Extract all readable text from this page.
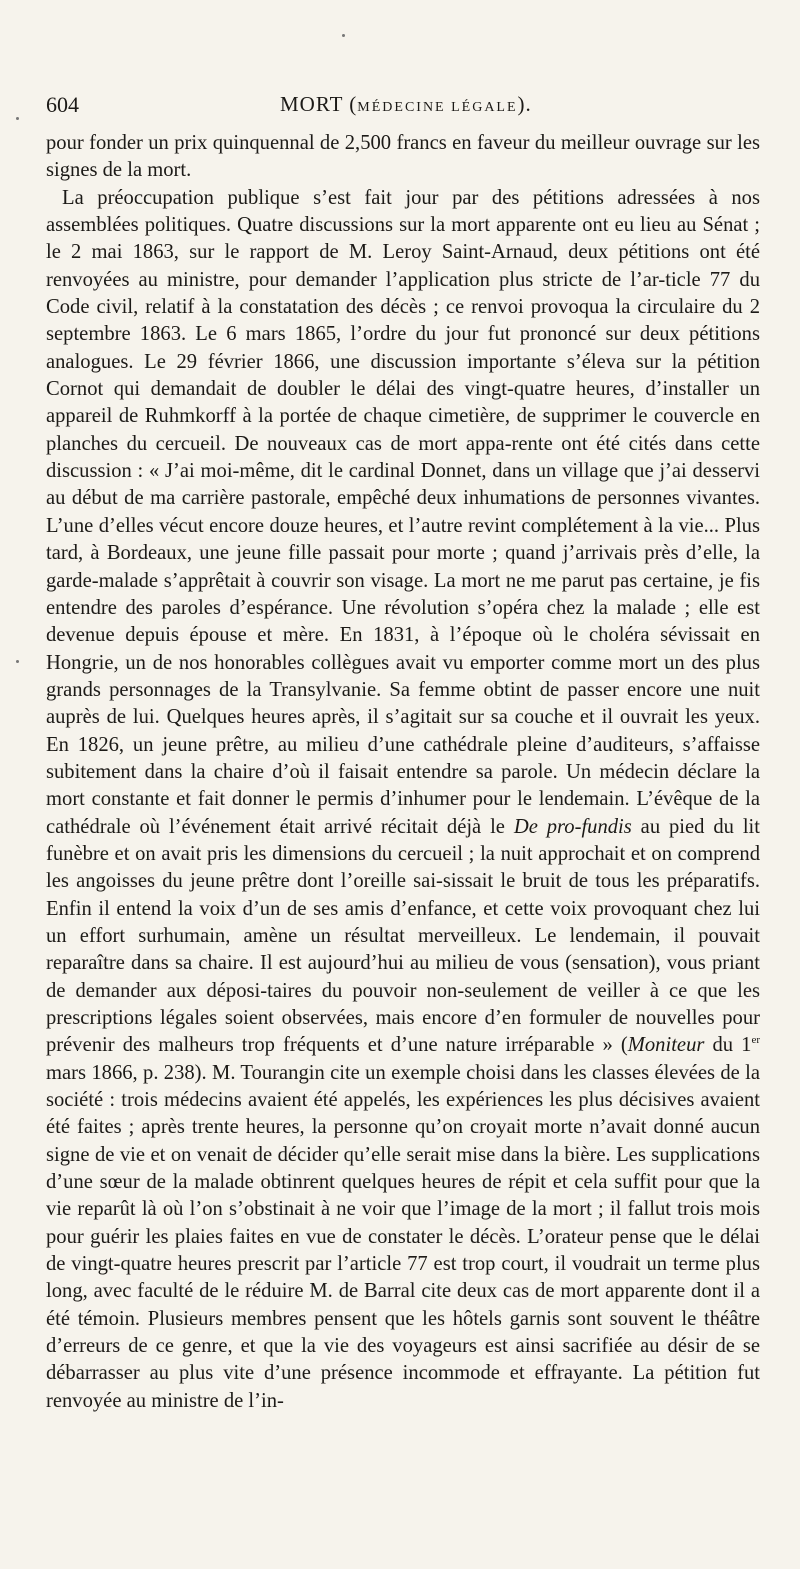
604	MORT (MÉDECINE LÉGALE).

pour fonder un prix quinquennal de 2,500 francs en faveur du meilleur ouvrage sur les signes de la mort.

La préoccupation publique s’est fait jour par des pétitions adressées à nos assemblées politiques. Quatre discussions sur la mort apparente ont eu lieu au Sénat ; le 2 mai 1863, sur le rapport de M. Leroy Saint-Arnaud, deux pétitions ont été renvoyées au ministre, pour demander l’application plus stricte de l’ar-ticle 77 du Code civil, relatif à la constatation des décès ; ce renvoi provoqua la circulaire du 2 septembre 1863. Le 6 mars 1865, l’ordre du jour fut prononcé sur deux pétitions analogues. Le 29 février 1866, une discussion importante s’éleva sur la pétition Cornot qui demandait de doubler le délai des vingt-quatre heures, d’installer un appareil de Ruhmkorff à la portée de chaque cimetière, de supprimer le couvercle en planches du cercueil. De nouveaux cas de mort appa-rente ont été cités dans cette discussion : « J’ai moi-même, dit le cardinal Donnet, dans un village que j’ai desservi au début de ma carrière pastorale, empêché deux inhumations de personnes vivantes. L’une d’elles vécut encore douze heures, et l’autre revint complétement à la vie... Plus tard, à Bordeaux, une jeune fille passait pour morte ; quand j’arrivais près d’elle, la garde-malade s’apprêtait à couvrir son visage. La mort ne me parut pas certaine, je fis entendre des paroles d’espérance. Une révolution s’opéra chez la malade ; elle est devenue depuis épouse et mère. En 1831, à l’époque où le choléra sévissait en Hongrie, un de nos honorables collègues avait vu emporter comme mort un des plus grands personnages de la Transylvanie. Sa femme obtint de passer encore une nuit auprès de lui. Quelques heures après, il s’agitait sur sa couche et il ouvrait les yeux. En 1826, un jeune prêtre, au milieu d’une cathédrale pleine d’auditeurs, s’affaisse subitement dans la chaire d’où il faisait entendre sa parole. Un médecin déclare la mort constante et fait donner le permis d’inhumer pour le lendemain. L’évêque de la cathédrale où l’événement était arrivé récitait déjà le De pro-fundis au pied du lit funèbre et on avait pris les dimensions du cercueil ; la nuit approchait et on comprend les angoisses du jeune prêtre dont l’oreille sai-sissait le bruit de tous les préparatifs. Enfin il entend la voix d’un de ses amis d’enfance, et cette voix provoquant chez lui un effort surhumain, amène un résultat merveilleux. Le lendemain, il pouvait reparaître dans sa chaire. Il est aujourd’hui au milieu de vous (sensation), vous priant de demander aux déposi-taires du pouvoir non-seulement de veiller à ce que les prescriptions légales soient observées, mais encore d’en formuler de nouvelles pour prévenir des malheurs trop fréquents et d’une nature irréparable » (Moniteur du 1er mars 1866, p. 238). M. Tourangin cite un exemple choisi dans les classes élevées de la société : trois médecins avaient été appelés, les expériences les plus décisives avaient été faites ; après trente heures, la personne qu’on croyait morte n’avait donné aucun signe de vie et on venait de décider qu’elle serait mise dans la bière. Les supplications d’une sœur de la malade obtinrent quelques heures de répit et cela suffit pour que la vie reparût là où l’on s’obstinait à ne voir que l’image de la mort ; il fallut trois mois pour guérir les plaies faites en vue de constater le décès. L’orateur pense que le délai de vingt-quatre heures prescrit par l’article 77 est trop court, il voudrait un terme plus long, avec faculté de le réduire M. de Barral cite deux cas de mort apparente dont il a été témoin. Plusieurs membres pensent que les hôtels garnis sont souvent le théâtre d’erreurs de ce genre, et que la vie des voyageurs est ainsi sacrifiée au désir de se débarrasser au plus vite d’une présence incommode et effrayante. La pétition fut renvoyée au ministre de l’in-
